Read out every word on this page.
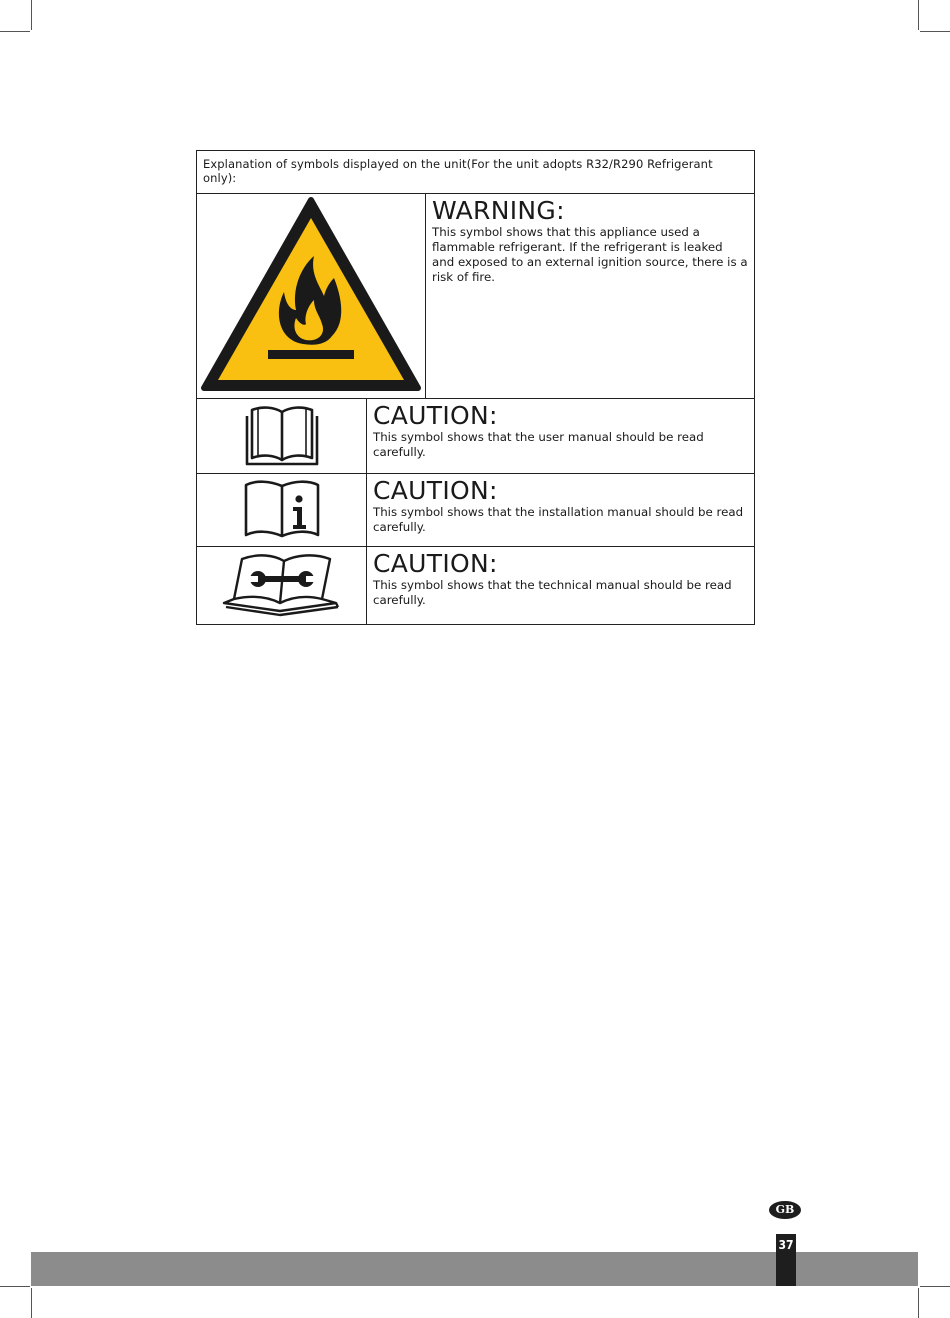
Explanation of symbols displayed on the unit(For the unit adopts R32/R290 Refrigerant only):		

WARNING:
This symbol shows that this appliance used a flammable refrigerant. If the refrigerant is leaked and exposed to an external ignition source, there is a risk of fire.

CAUTION:
This symbol shows that the user manual should be read carefully.	

CAUTION:
This symbol shows that the installation manual should be read carefully.	

CAUTION:
This symbol shows that the technical manual should be read carefully.	
GB
37
